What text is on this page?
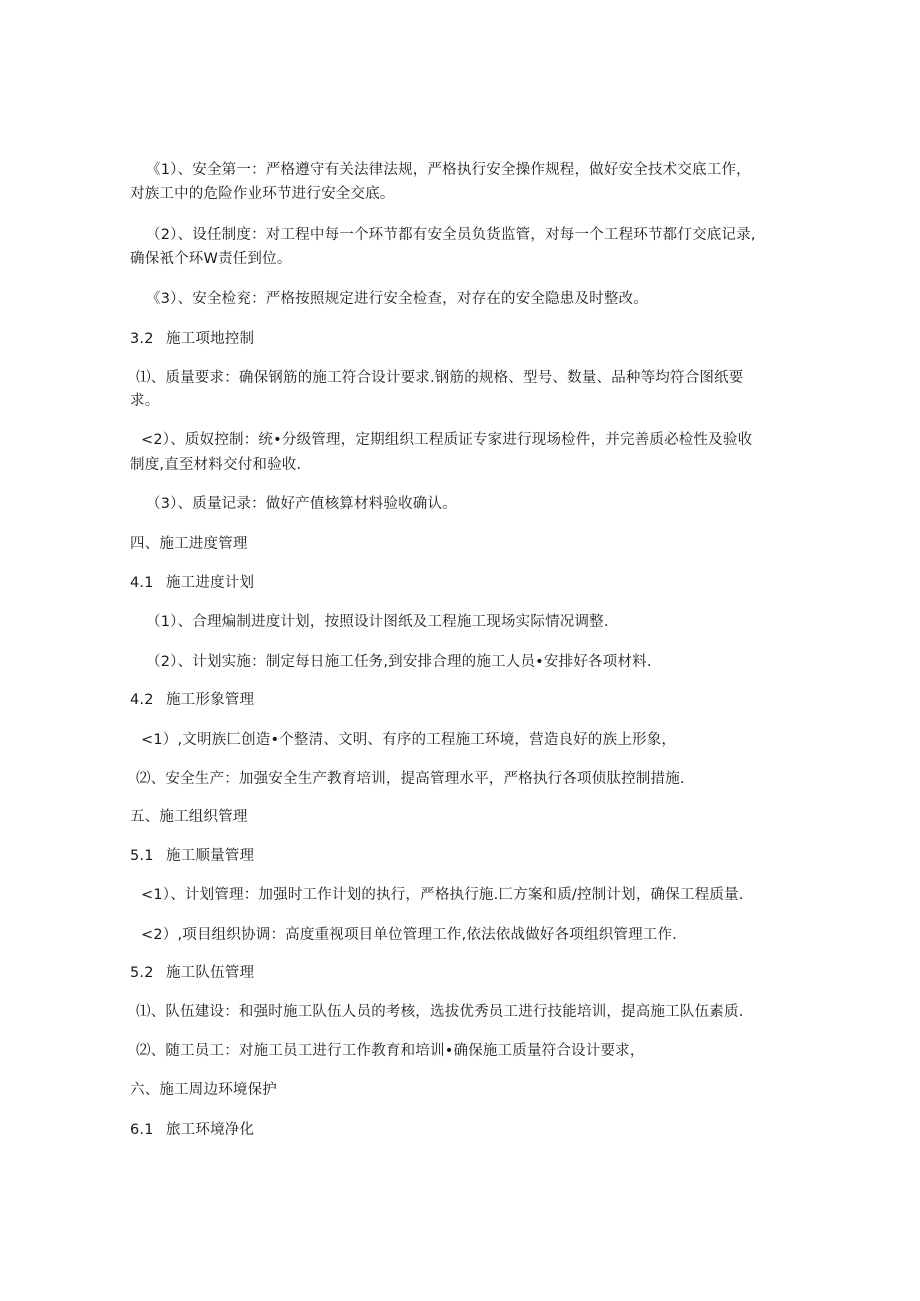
《1）、安全第一：严格遵守有关法律法规，严格执行安全操作规程，做好安全技术交底工作，
对族工中的危险作业环节进行安全交底。
（2）、设任制度：对工程中每一个环节都有安全员负货监管，对每一个工程环节都仃交底记录,
确保衹个环W责任到位。
《3）、安全检兖：严格按照规定进行安全检查，对存在的安全隐患及时整改。
3.2 施工项地控制
⑴、质量要求：确保钢筋的施工符合设计要求.钢筋的规格、型号、数量、品种等均符合图纸要
求。
<2）、质奴控制：统•分级管理，定期组织工程质证专家进行现场检件，并完善质必检性及验收
制度,直至材料交付和验收.
（3）、质量记录：做好产值核算材料验收确认。
四、施工进度管理
4.1 施工进度计划
（1）、合理煸制进度计划，按照设计图纸及工程施工现场实际情况调整.
（2）、计划实施：制定每日施工任务,到安排合理的施工人员•安排好各项材料.
4.2 施工形象管理
<1）,文明族匚创造•个整清、文明、有序的工程施工环境，营造良好的族上形象，
⑵、安全生产：加强安全生产教育培训，提高管理水平，严格执行各项侦肽控制措施.
五、施工组织管理
5.1 施工顺量管理
<1）、计划管理：加强时工作计划的执行，严格执行施.匚方案和质/控制计划，确保工程质量.
<2）,项目组织协调：高度重视项目单位管理工作,依法依战做好各项组织管理工作.
5.2 施工队伍管理
⑴、队伍建设：和强时施工队伍人员的考核，选拔优秀员工进行技能培训，提高施工队伍素质.
⑵、随工员工：对施工员工进行工作教育和培训•确保施工质量符合设计要求，
六、施工周边环境保护
6.1 旅工环境净化
